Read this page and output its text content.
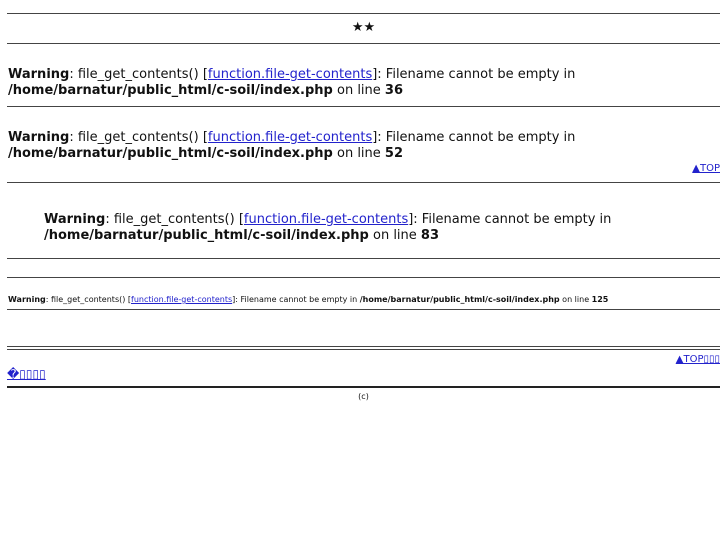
★★
Warning: file_get_contents() [function.file-get-contents]: Filename cannot be empty in
/home/barnatur/public_html/c-soil/index.php on line 36
Warning: file_get_contents() [function.file-get-contents]: Filename cannot be empty in
/home/barnatur/public_html/c-soil/index.php on line 52
▲TOP
Warning: file_get_contents() [function.file-get-contents]: Filename cannot be empty in
/home/barnatur/public_html/c-soil/index.php on line 83
Warning: file_get_contents() [function.file-get-contents]: Filename cannot be empty in /home/barnatur/public_html/c-soil/index.php on line 125
▲TOP▯▯▯
�▯▯▯▯
(c)
